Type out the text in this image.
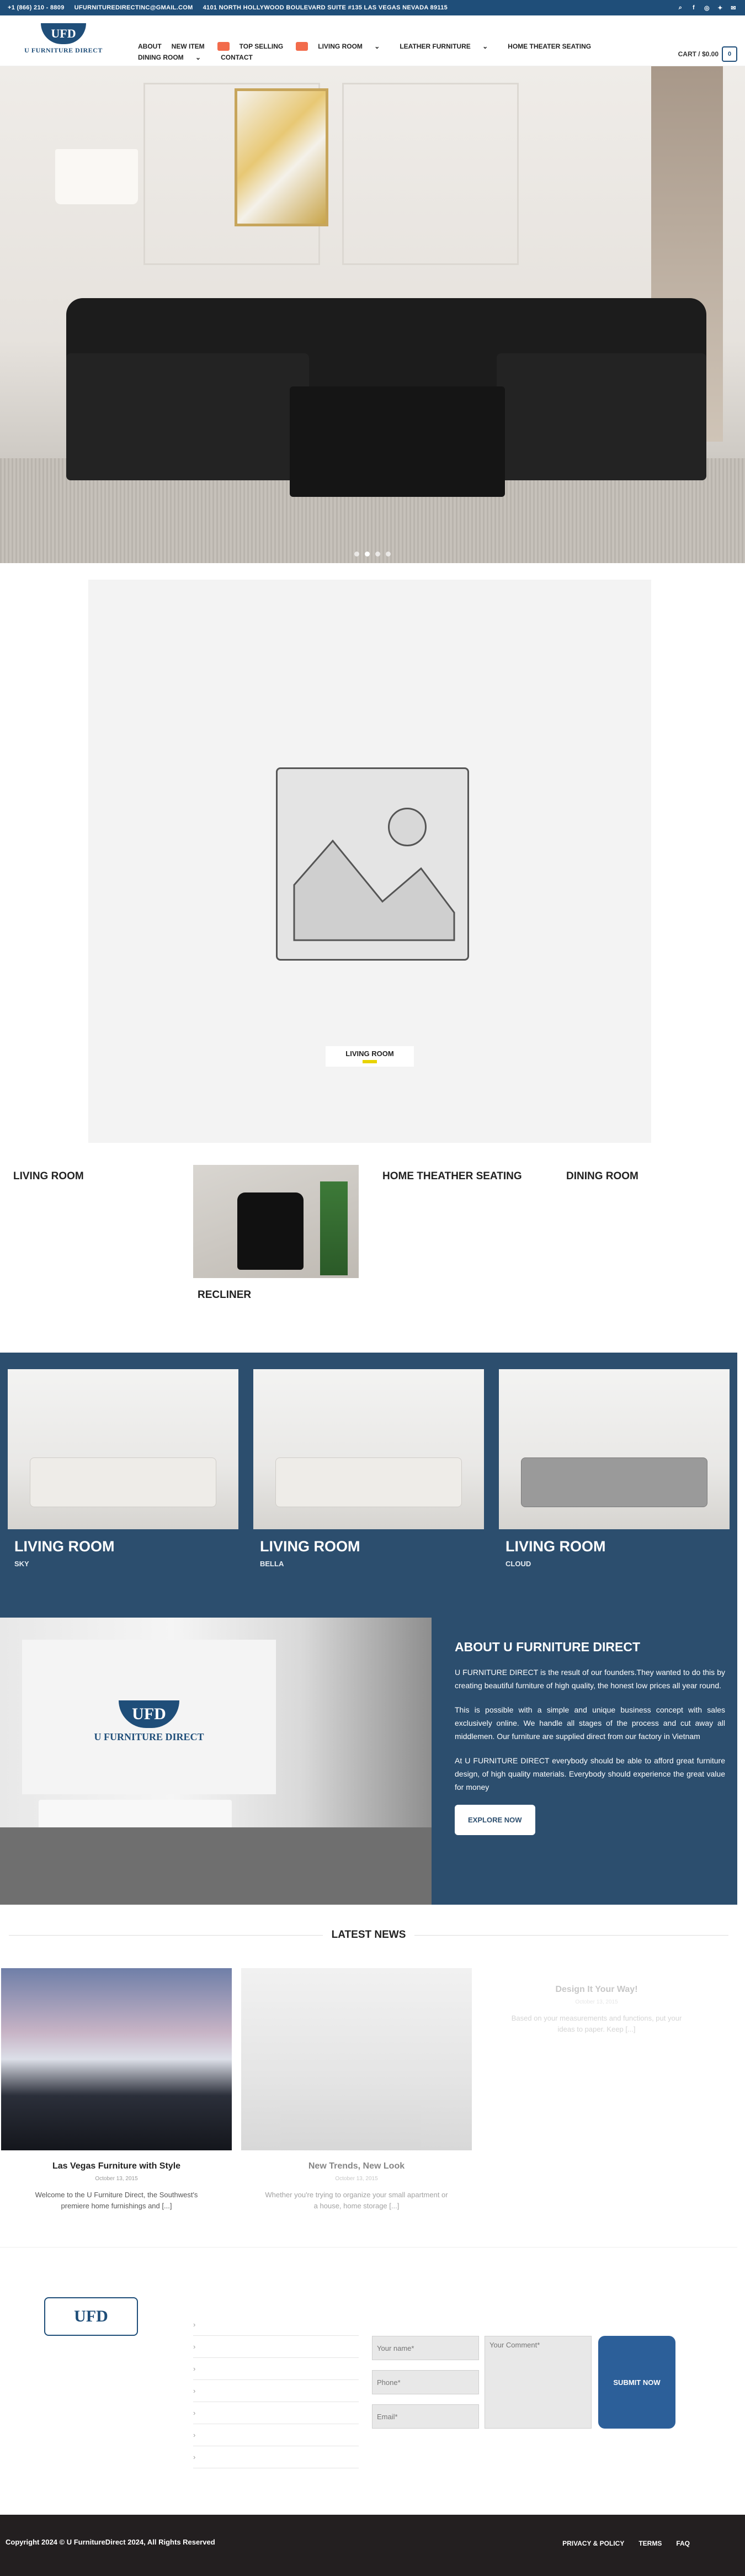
+1 (866) 210 - 8809 UFURNITUREDIRECTINC@GMAIL.COM 4101 NORTH HOLLYWOOD BOULEVARD SUITE #135 LAS VEGAS NEVADA 89115	⌕	f	◎ ✦ ✉
UFD
U FURNITURE DIRECT	ABOUT NEW ITEM	TOP SELLING	LIVING ROOM
⌄	LEATHER FURNITURE
⌄	HOME THEATER SEATING
DINING ROOM
⌄	CONTACT	CART / $0.00	0
LIVING ROOM
LIVING ROOM
RECLINER
HOME THEATHER SEATING	DINING ROOM
LIVING ROOM
SKY
LIVING ROOM
BELLA
LIVING ROOM
CLOUD
UFD
U FURNITURE DIRECT
ABOUT U FURNITURE DIRECT

U FURNITURE DIRECT is the result of our founders.They wanted to do this by creating beautiful furniture of high quality, the honest low prices all year round.

This is possible with a simple and unique business concept with sales exclusively online. We handle all stages of the process and cut away all middlemen. Our furniture are supplied direct from our factory in Vietnam

At U FURNITURE DIRECT everybody should be able to afford great furniture design, of high quality materials. Everybody should experience the great value for money

EXPLORE NOW
LATEST NEWS
Las Vegas Furniture with Style
October 13, 2015

Welcome to the U Furniture Direct, the Southwest's premiere home furnishings and [...]

New Trends, New Look
October 13, 2015

Whether you're trying to organize your small apartment or a house, home storage [...]

Design It Your Way!
October 13, 2015

Based on your measurements and functions, put your ideas to paper. Keep [...]

UFD
›
›
›
›
›
›
›
Your name*
Phone*
Email*
Your Comment*
SUBMIT NOW
Copyright 2024 © U FurnitureDirect 2024, All Rights Reserved	PRIVACY & POLICY TERMS FAQ
